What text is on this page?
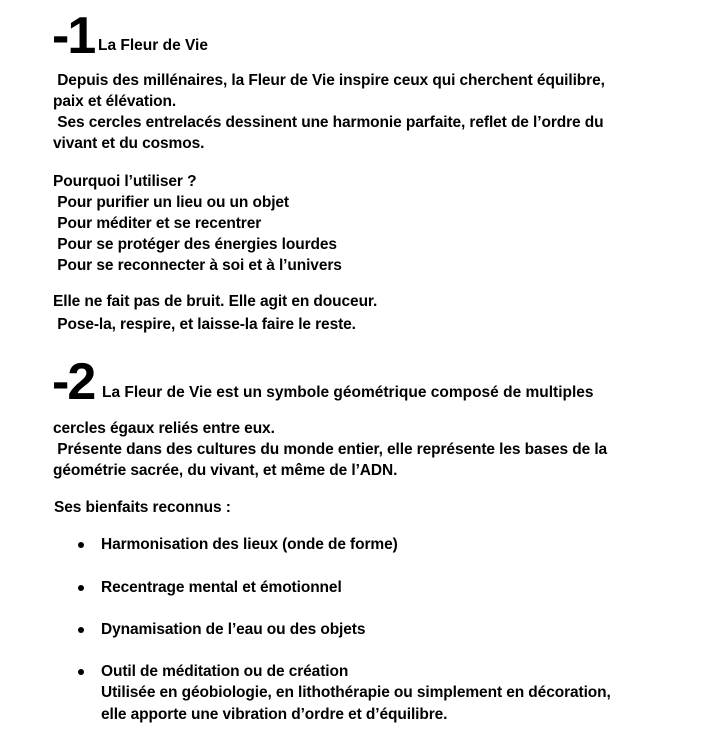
-1 La Fleur de Vie
Depuis des millénaires, la Fleur de Vie inspire ceux qui cherchent équilibre,
paix et élévation.
Ses cercles entrelacés dessinent une harmonie parfaite, reflet de l’ordre du
vivant et du cosmos.
Pourquoi l’utiliser ?
Pour purifier un lieu ou un objet
Pour méditer et se recentrer
Pour se protéger des énergies lourdes
Pour se reconnecter à soi et à l’univers
Elle ne fait pas de bruit. Elle agit en douceur.
Pose-la, respire, et laisse-la faire le reste.
-2 La Fleur de Vie est un symbole géométrique composé de multiples
cercles égaux reliés entre eux.
Présente dans des cultures du monde entier, elle représente les bases de la
géométrie sacrée, du vivant, et même de l’ADN.
Ses bienfaits reconnus :
Harmonisation des lieux (onde de forme)
Recentrage mental et émotionnel
Dynamisation de l’eau ou des objets
Outil de méditation ou de création
Utilisée en géobiologie, en lithothérapie ou simplement en décoration,
elle apporte une vibration d’ordre et d’équilibre.
